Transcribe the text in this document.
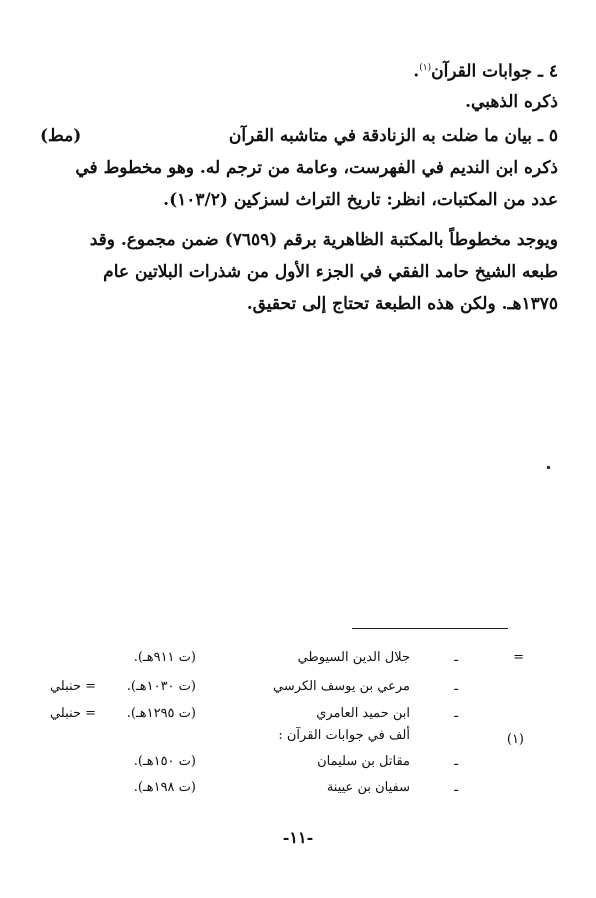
٤ ـ جوابات القرآن$^{(١)}$.
ذكره الذهبي.
٥ ـ بيان ما ضلت به الزنادقة في متاشبه القرآن
(مط)
ذكره ابن النديم في الفهرست، وعامة من ترجم له. وهو مخطوط في
عدد من المكتبات، انظر: تاريخ التراث لسزكين (١٠٣/٢).
ويوجد مخطوطاً بالمكتبة الظاهرية برقم (٧٦٥٩) ضمن مجموع. وقد
طبعه الشيخ حامد الفقي في الجزء الأول من شذرات البلاتين عام
١٣٧٥هـ. ولكن هذه الطبعة تحتاج إلى تحقيق.
=
ـ
جلال الدين السيوطي
(ت ٩١١هـ).
ـ
مرعي بن يوسف الكرسي
(ت ١٠٣٠هـ).
= حنبلي
ـ
ابن حميد العامري
(ت ١٢٩٥هـ).
= حنبلي
(١)
ألف في جوابات القرآن :
ـ
مقاتل بن سليمان
(ت ١٥٠هـ).
ـ
سفيان بن عيينة
(ت ١٩٨هـ).
-١١-
